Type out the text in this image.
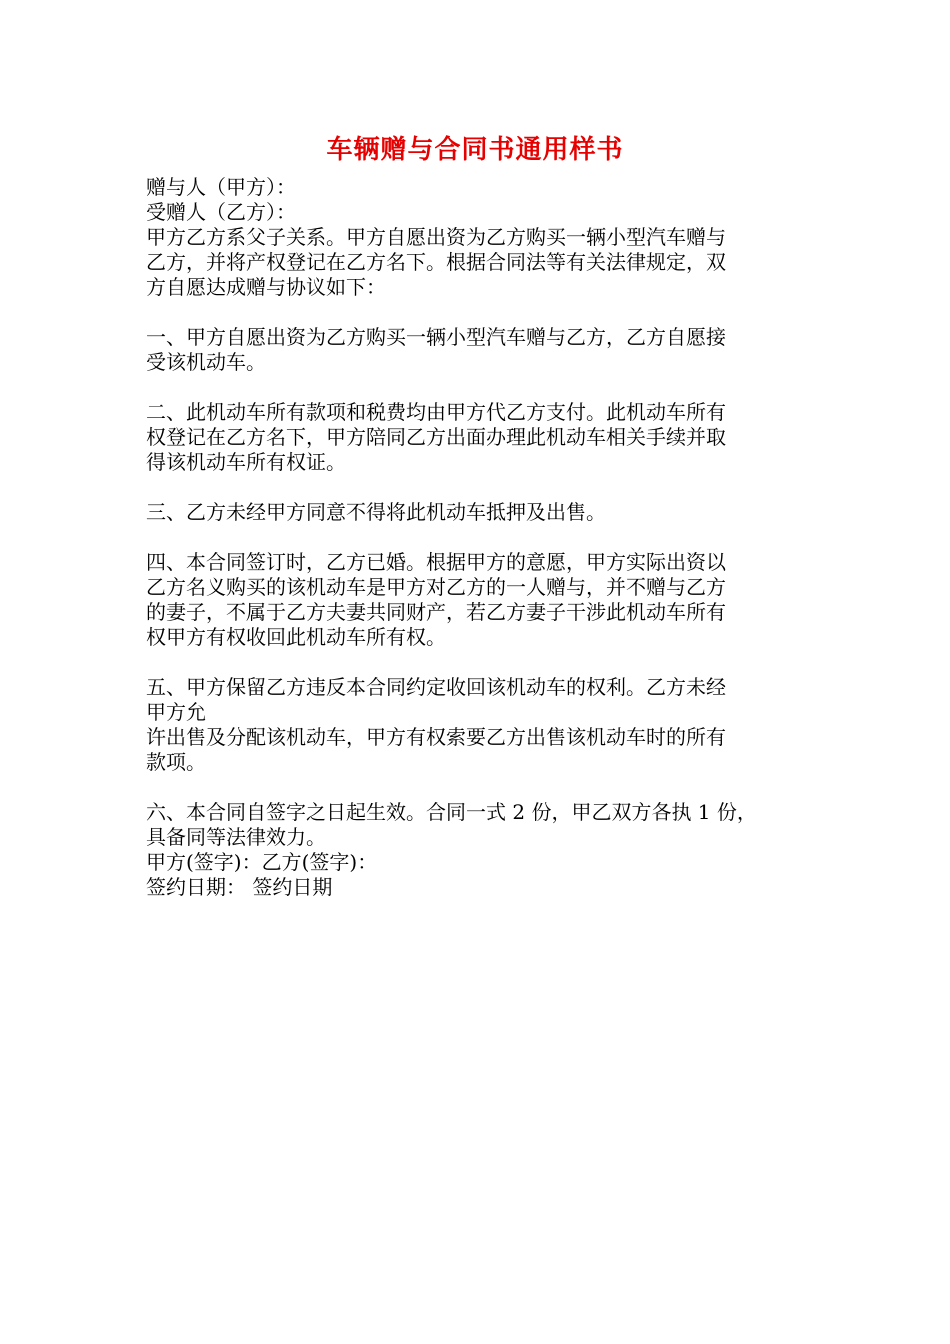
车辆赠与合同书通用样书
赠与人（甲方）：
受赠人（乙方）：
甲方乙方系父子关系。甲方自愿出资为乙方购买一辆小型汽车赠与
乙方，并将产权登记在乙方名下。根据合同法等有关法律规定，双
方自愿达成赠与协议如下：
一、甲方自愿出资为乙方购买一辆小型汽车赠与乙方，乙方自愿接
受该机动车。
二、此机动车所有款项和税费均由甲方代乙方支付。此机动车所有
权登记在乙方名下，甲方陪同乙方出面办理此机动车相关手续并取
得该机动车所有权证。
三、乙方未经甲方同意不得将此机动车抵押及出售。
四、本合同签订时，乙方已婚。根据甲方的意愿，甲方实际出资以
乙方名义购买的该机动车是甲方对乙方的一人赠与，并不赠与乙方
的妻子，不属于乙方夫妻共同财产，若乙方妻子干涉此机动车所有
权甲方有权收回此机动车所有权。
五、甲方保留乙方违反本合同约定收回该机动车的权利。乙方未经
甲方允
许出售及分配该机动车，甲方有权索要乙方出售该机动车时的所有
款项。
六、本合同自签字之日起生效。合同一式 2 份，甲乙双方各执 1 份，
具备同等法律效力。
甲方(签字)：乙方(签字)：
签约日期： 签约日期
